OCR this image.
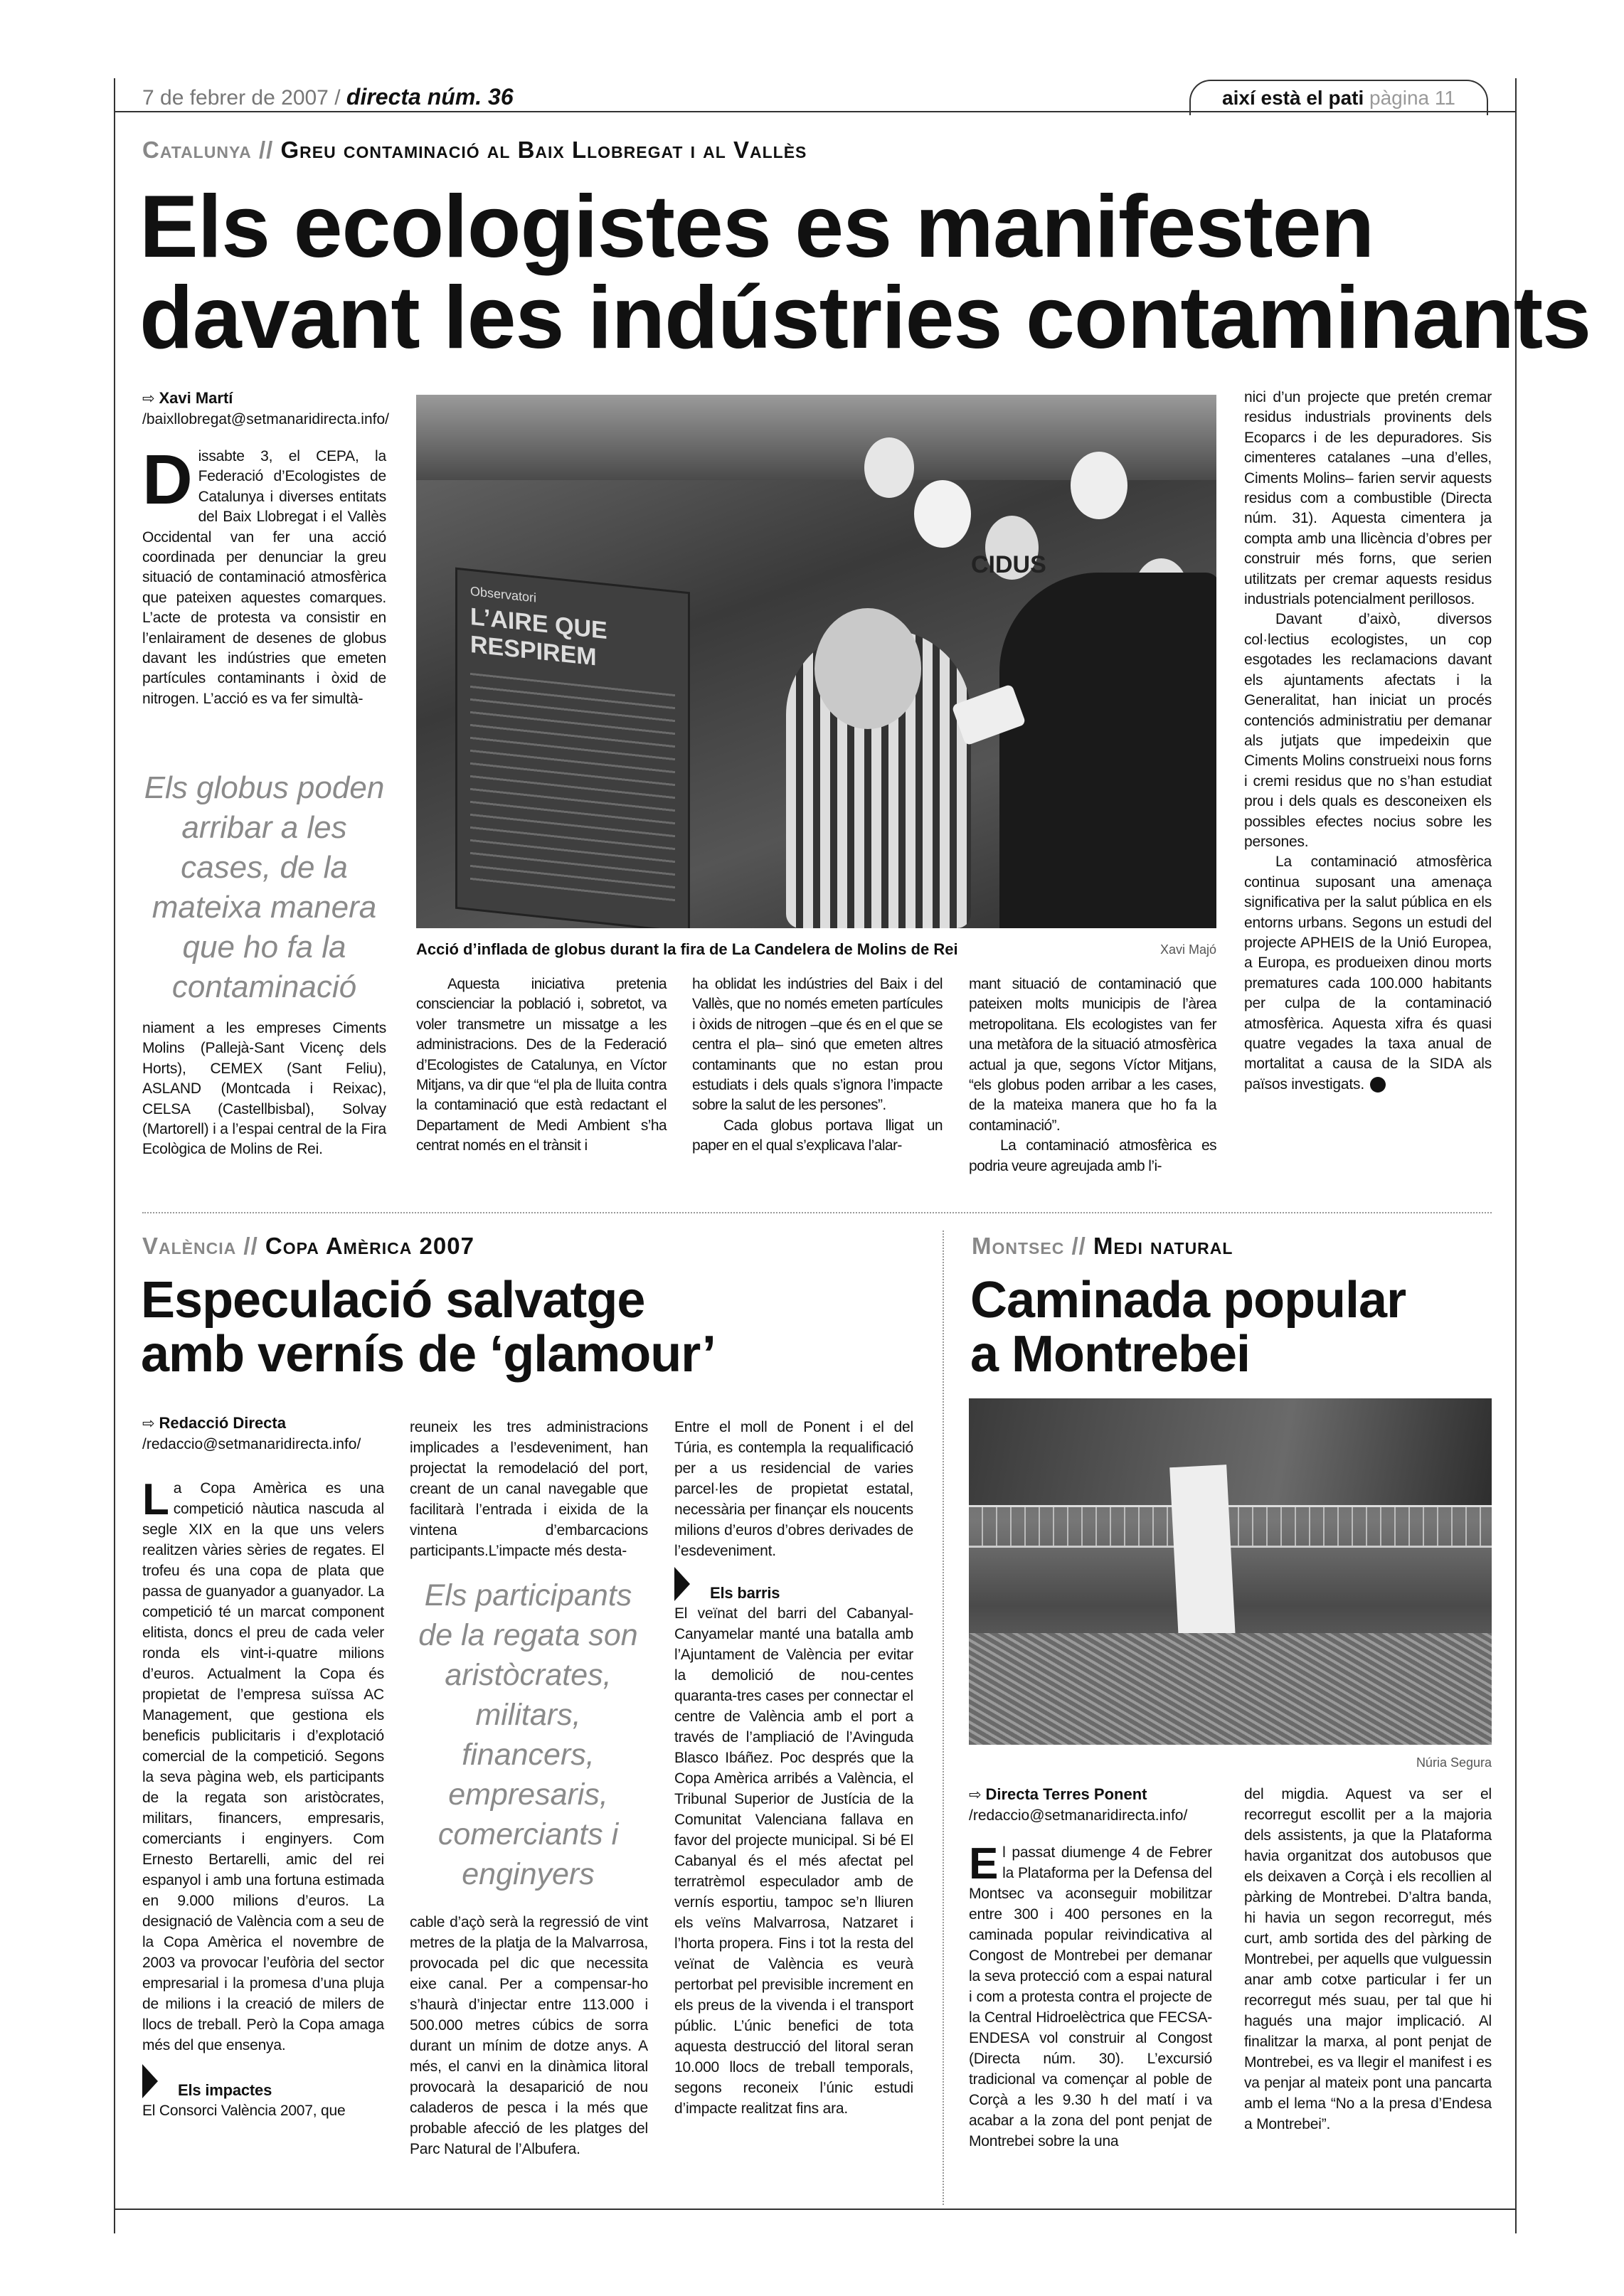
7 de febrer de 2007 / directa núm. 36	així està el pati pàgina 11
Catalunya // Greu contaminació al Baix Llobregat i al Vallès
Els ecologistes es manifesten
davant les indústries contaminants
⇨ Xavi Martí
/baixllobregat@setmanaridirecta.info/
Dissabte 3, el CEPA, la Federació d’Ecologistes de Catalunya i diverses entitats del Baix Llobregat i el Vallès Occidental van fer una acció coordinada per denunciar la greu situació de contaminació atmosfèrica que pateixen aquestes comarques. L’acte de protesta va consistir en l’enlairament de desenes de globus davant les indústries que emeten partícules contaminants i òxid de nitrogen. L’acció es va fer simultà-
Els globus poden arribar a les cases, de la mateixa manera que ho fa la contaminació
niament a les empreses Ciments Molins (Pallejà-Sant Vicenç dels Horts), CEMEX (Sant Feliu), ASLAND (Montcada i Reixac), CELSA (Castellbisbal), Solvay (Martorell) i a l’espai central de la Fira Ecològica de Molins de Rei.
CIDUS
Observatori
L’AIRE QUE RESPIREM
Acció d’inflada de globus durant la fira de La Candelera de Molins de Rei	Xavi Majó

Aquesta iniciativa pretenia conscienciar la població i, sobretot, va voler transmetre un missatge a les administracions. Des de la Federació d’Ecologistes de Catalunya, en Víctor Mitjans, va dir que “el pla de lluita contra la contaminació que està redactant el Departament de Medi Ambient s’ha centrat només en el trànsit i

ha oblidat les indústries del Baix i del Vallès, que no només emeten partícules i òxids de nitrogen –que és en el que se centra el pla– sinó que emeten altres contaminants que no estan prou estudiats i dels quals s’ignora l’impacte sobre la salut de les persones”.

Cada globus portava lligat un paper en el qual s’explicava l’alar-

mant situació de contaminació que pateixen molts municipis de l’àrea metropolitana. Els ecologistes van fer una metàfora de la situació atmosfèrica actual ja que, segons Víctor Mitjans, “els globus poden arribar a les cases, de la mateixa manera que ho fa la contaminació”.

La contaminació atmosfèrica es podria veure agreujada amb l’i-

nici d’un projecte que pretén cremar residus industrials provinents dels Ecoparcs i de les depuradores. Sis cimenteres catalanes –una d’elles, Ciments Molins– farien servir aquests residus com a combustible (Directa núm. 31). Aquesta cimentera ja compta amb una llicència d’obres per construir més forns, que serien utilitzats per cremar aquests residus industrials potencialment perillosos.

Davant d’això, diversos col·lectius ecologistes, un cop esgotades les reclamacions davant els ajuntaments afectats i la Generalitat, han iniciat un procés contenciós administratiu per demanar als jutjats que impedeixin que Ciments Molins construeixi nous forns i cremi residus que no s’han estudiat prou i dels quals es desconeixen els possibles efectes nocius sobre les persones.

La contaminació atmosfèrica continua suposant una amenaça significativa per la salut pública en els entorns urbans. Segons un estudi del projecte APHEIS de la Unió Europea, a Europa, es produeixen dinou morts prematures cada 100.000 habitants per culpa de la contaminació atmosfèrica. Aquesta xifra és quasi quatre vegades la taxa anual de mortalitat a causa de la SIDA als països investigats.	d

València // Copa Amèrica 2007
Especulació salvatge
amb vernís de ‘glamour’
⇨ Redacció Directa
/redaccio@setmanaridirecta.info/

La Copa Amèrica es una competició nàutica nascuda al segle XIX en la que uns velers realitzen vàries sèries de regates. El trofeu és una copa de plata que passa de guanyador a guanyador. La competició té un marcat component elitista, doncs el preu de cada veler ronda els vint-i-quatre milions d’euros. Actualment la Copa és propietat de l’empresa suïssa AC Management, que gestiona els beneficis publicitaris i d’explotació comercial de la competició. Segons la seva pàgina web, els participants de la regata son aristòcrates, militars, financers, empresaris, comerciants i enginyers. Com Ernesto Bertarelli, amic del rei espanyol i amb una fortuna estimada en 9.000 milions d’euros. La designació de València com a seu de la Copa Amèrica el novembre de 2003 va provocar l’eufòria del sector empresarial i la promesa d’una pluja de milions i la creació de milers de llocs de treball. Però la Copa amaga més del que ensenya.

Els impactes

El Consorci València 2007, que

reuneix les tres administracions implicades a l’esdeveniment, han projectat la remodelació del port, creant de un canal navegable que facilitarà l’entrada i eixida de la vintena d’embarcacions participants.L’impacte més desta-
Els participants de la regata son aristòcrates, militars, financers, empresaris, comerciants i enginyers
cable d’açò serà la regressió de vint metres de la platja de la Malvarrosa, provocada pel dic que necessita eixe canal. Per a compensar-ho s’haurà d’injectar entre 113.000 i 500.000 metres cúbics de sorra durant un mínim de dotze anys. A més, el canvi en la dinàmica litoral provocarà la desaparició de nou caladeros de pesca i la més que probable afecció de les platges del Parc Natural de l’Albufera.

Entre el moll de Ponent i el del Túria, es contempla la requalificació per a us residencial de varies parcel·les de propietat estatal, necessària per finançar els noucents milions d’euros d’obres derivades de l’esdeveniment.

Els barris

El veïnat del barri del Cabanyal-Canyamelar manté una batalla amb l’Ajuntament de València per evitar la demolició de nou-centes quaranta-tres cases per connectar el centre de València amb el port a través de l’ampliació de l’Avinguda Blasco Ibáñez. Poc després que la Copa Amèrica arribés a València, el Tribunal Superior de Justícia de la Comunitat Valenciana fallava en favor del projecte municipal. Si bé El Cabanyal és el més afectat pel terratrèmol especulador amb de vernís esportiu, tampoc se’n lliuren els veïns Malvarrosa, Natzaret i l’horta propera. Fins i tot la resta del veïnat de València es veurà pertorbat pel previsible increment en els preus de la vivenda i el transport públic. L’únic benefici de tota aquesta destrucció del litoral seran 10.000 llocs de treball temporals, segons reconeix l’únic estudi d’impacte realitzat fins ara.

Montsec // Medi natural
Caminada popular
a Montrebei
Núria Segura
⇨ Directa Terres Ponent
/redaccio@setmanaridirecta.info/
El passat diumenge 4 de Febrer la Plataforma per la Defensa del Montsec va aconseguir mobilitzar entre 300 i 400 persones en la caminada popular reivindicativa al Congost de Montrebei per demanar la seva protecció com a espai natural i com a protesta contra el projecte de la Central Hidroelèctrica que FECSA-ENDESA vol construir al Congost (Directa núm. 30). L’excursió tradicional va començar al poble de Corçà a les 9.30 h del matí i va acabar a la zona del pont penjat de Montrebei sobre la una
del migdia. Aquest va ser el recorregut escollit per a la majoria dels assistents, ja que la Plataforma havia organitzat dos autobusos que els deixaven a Corçà i els recollien al pàrking de Montrebei. D’altra banda, hi havia un segon recorregut, més curt, amb sortida des del pàrking de Montrebei, per aquells que vulguessin anar amb cotxe particular i fer un recorregut més suau, per tal que hi hagués una major implicació. Al finalitzar la marxa, al pont penjat de Montrebei, es va llegir el manifest i es va penjar al mateix pont una pancarta amb el lema “No a la presa d’Endesa a Montrebei”.
